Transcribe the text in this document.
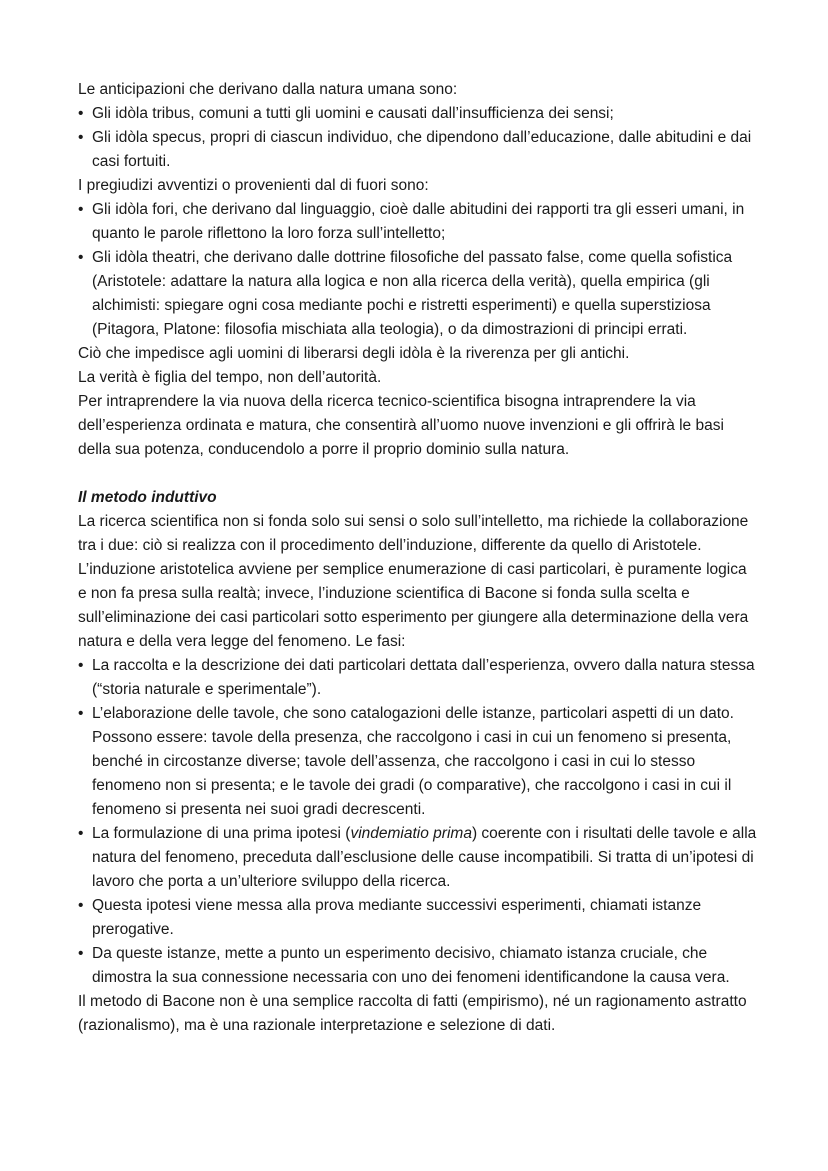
Le anticipazioni che derivano dalla natura umana sono:

• Gli idòla tribus, comuni a tutti gli uomini e causati dall’insufficienza dei sensi;
• Gli idòla specus, propri di ciascun individuo, che dipendono dall’educazione, dalle abitudini e dai casi fortuiti.

I pregiudizi avventizi o provenienti dal di fuori sono:

• Gli idòla fori, che derivano dal linguaggio, cioè dalle abitudini dei rapporti tra gli esseri umani, in quanto le parole riflettono la loro forza sull’intelletto;
• Gli idòla theatri, che derivano dalle dottrine filosofiche del passato false, come quella sofistica (Aristotele: adattare la natura alla logica e non alla ricerca della verità), quella empirica (gli alchimisti: spiegare ogni cosa mediante pochi e ristretti esperimenti) e quella superstiziosa (Pitagora, Platone: filosofia mischiata alla teologia), o da dimostrazioni di principi errati.

Ciò che impedisce agli uomini di liberarsi degli idòla è la riverenza per gli antichi.

La verità è figlia del tempo, non dell’autorità.

Per intraprendere la via nuova della ricerca tecnico-scientifica bisogna intraprendere la via dell’esperienza ordinata e matura, che consentirà all’uomo nuove invenzioni e gli offrirà le basi della sua potenza, conducendolo a porre il proprio dominio sulla natura.

Il metodo induttivo

La ricerca scientifica non si fonda solo sui sensi o solo sull’intelletto, ma richiede la collaborazione tra i due: ciò si realizza con il procedimento dell’induzione, differente da quello di Aristotele. L’induzione aristotelica avviene per semplice enumerazione di casi particolari, è puramente logica e non fa presa sulla realtà; invece, l’induzione scientifica di Bacone si fonda sulla scelta e sull’eliminazione dei casi particolari sotto esperimento per giungere alla determinazione della vera natura e della vera legge del fenomeno. Le fasi:

• La raccolta e la descrizione dei dati particolari dettata dall’esperienza, ovvero dalla natura stessa (“storia naturale e sperimentale”).
• L’elaborazione delle tavole, che sono catalogazioni delle istanze, particolari aspetti di un dato. Possono essere: tavole della presenza, che raccolgono i casi in cui un fenomeno si presenta, benché in circostanze diverse; tavole dell’assenza, che raccolgono i casi in cui lo stesso fenomeno non si presenta; e le tavole dei gradi (o comparative), che raccolgono i casi in cui il fenomeno si presenta nei suoi gradi decrescenti.
• La formulazione di una prima ipotesi (vindemiatio prima) coerente con i risultati delle tavole e alla natura del fenomeno, preceduta dall’esclusione delle cause incompatibili. Si tratta di un’ipotesi di lavoro che porta a un’ulteriore sviluppo della ricerca.
• Questa ipotesi viene messa alla prova mediante successivi esperimenti, chiamati istanze prerogative.
• Da queste istanze, mette a punto un esperimento decisivo, chiamato istanza cruciale, che dimostra la sua connessione necessaria con uno dei fenomeni identificandone la causa vera.

Il metodo di Bacone non è una semplice raccolta di fatti (empirismo), né un ragionamento astratto (razionalismo), ma è una razionale interpretazione e selezione di dati.
